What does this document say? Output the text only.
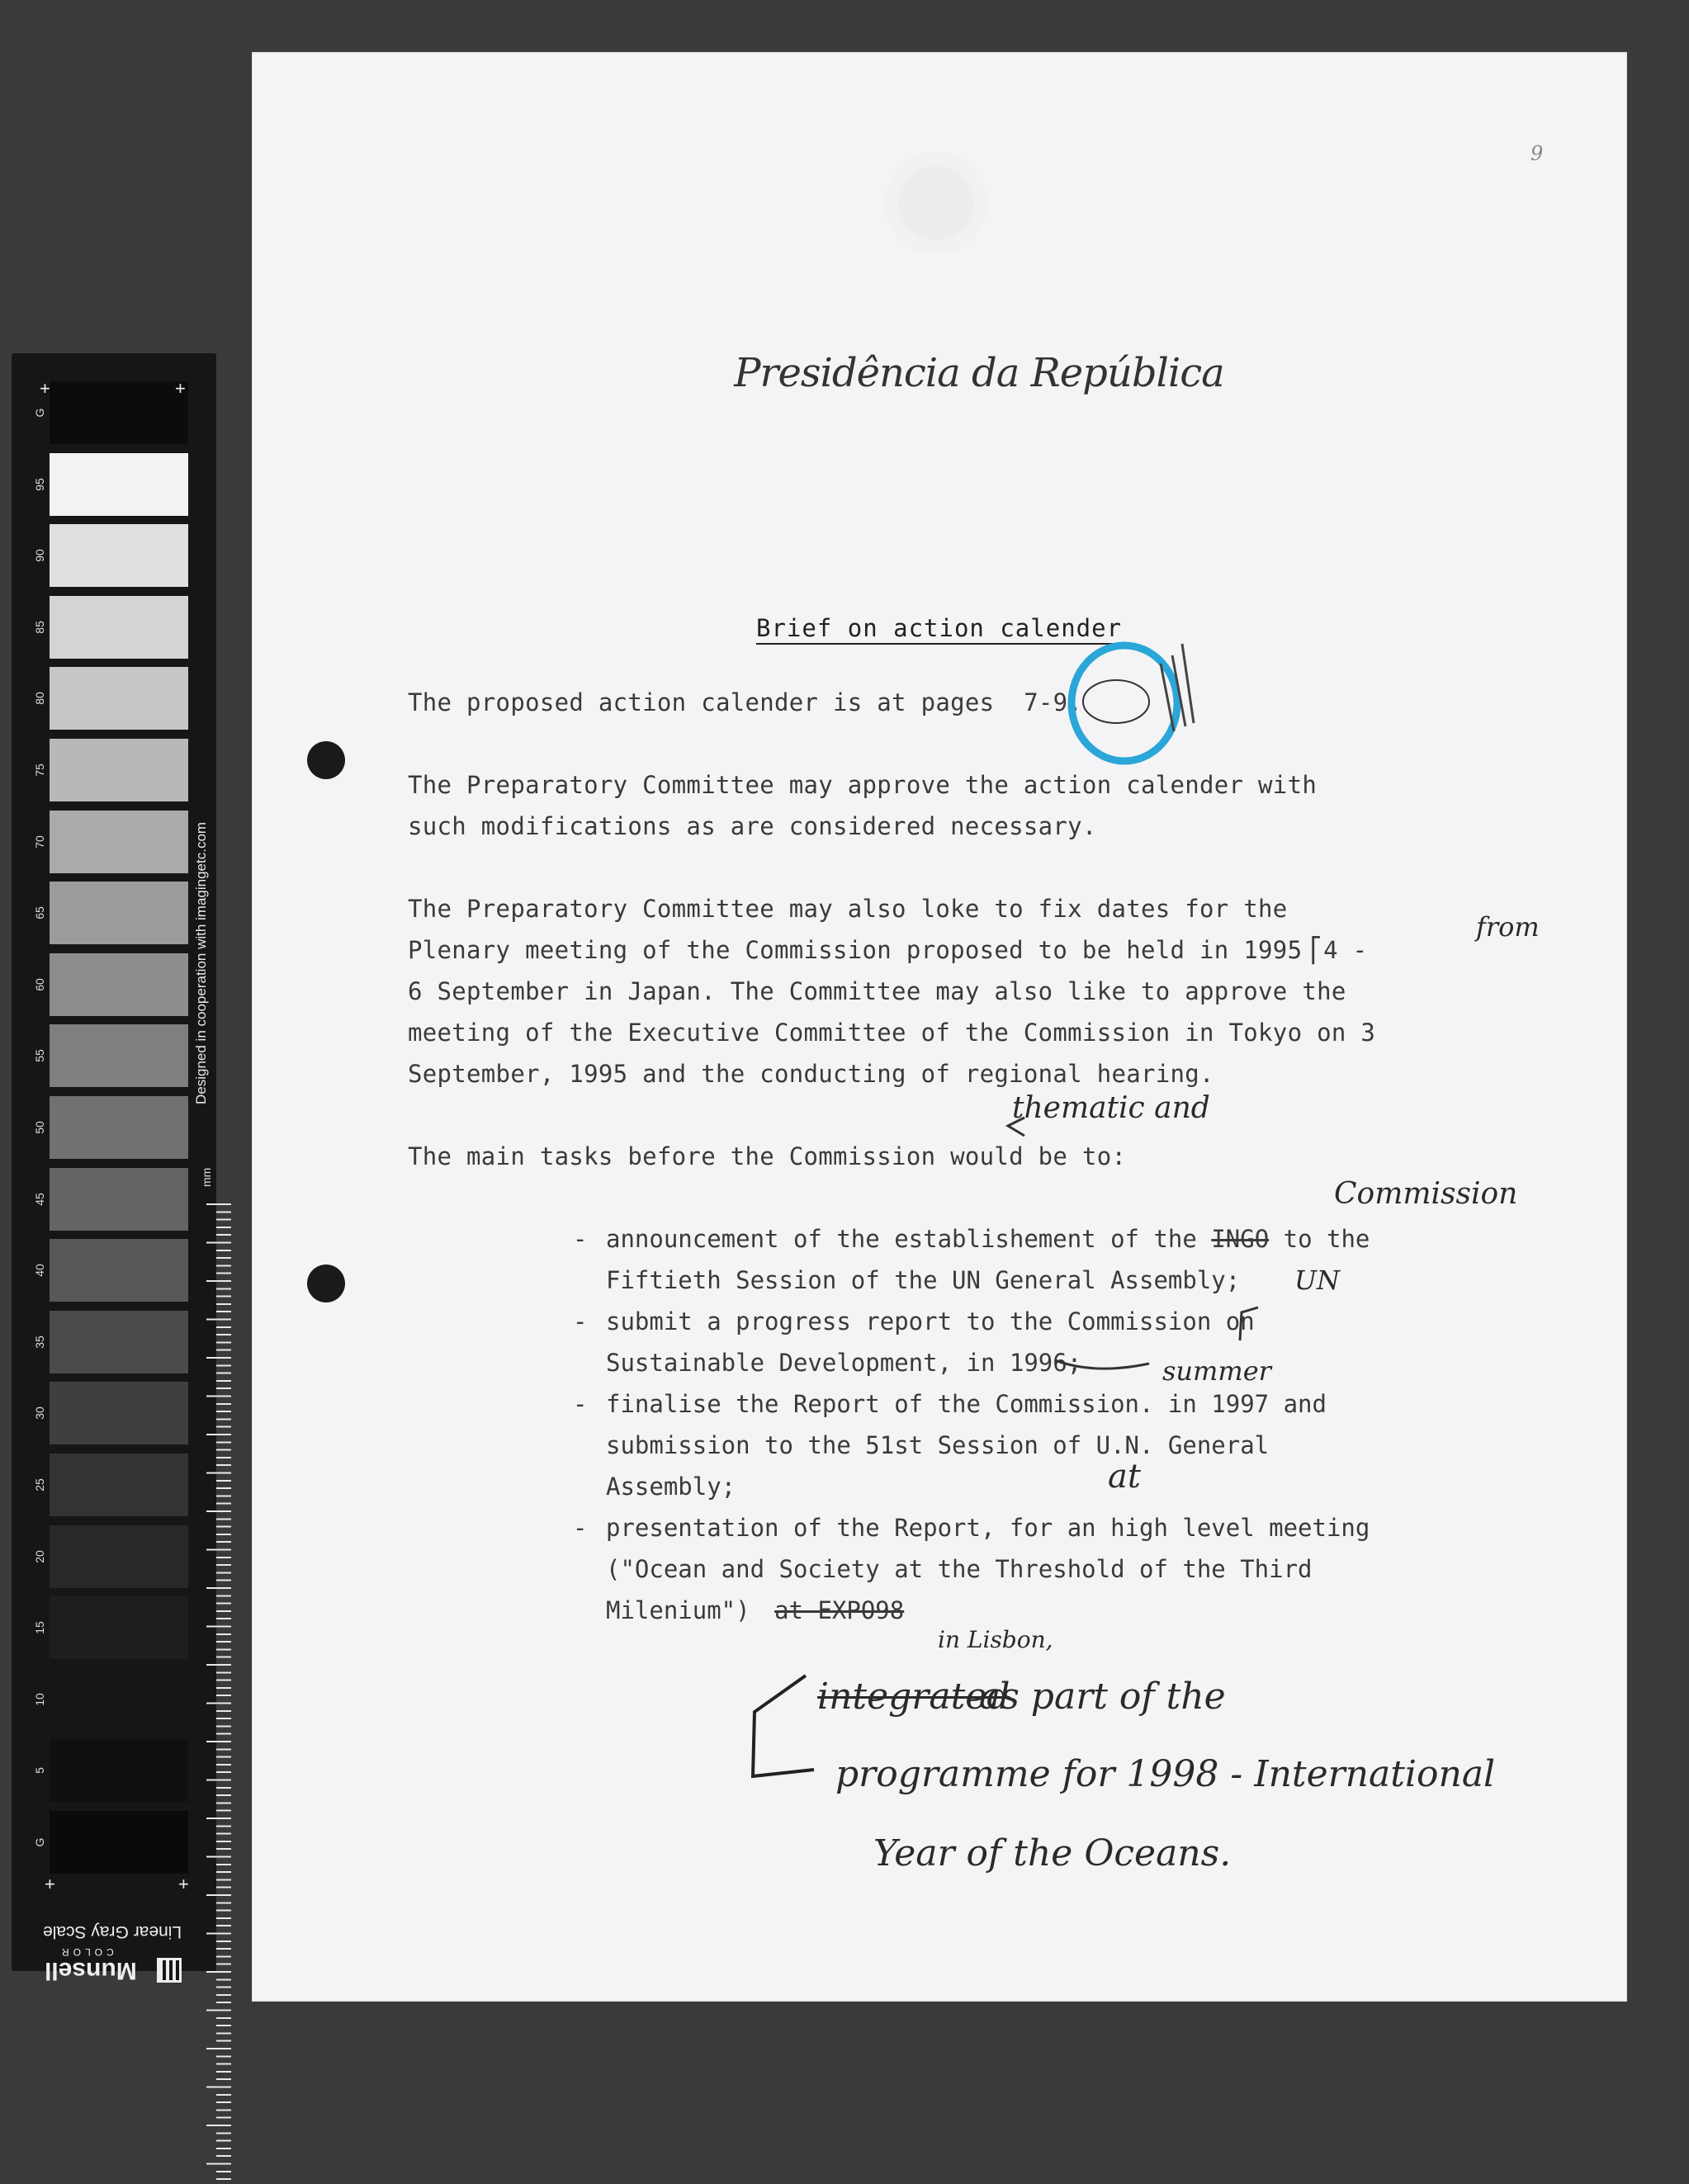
G
95
90
85
80
75
70
65
60
55
50
45
40
35
30
25
20
15
10
5
G
Designed in cooperation with imagingetc.com
mm
+	+
+	+
Linear Gray Scale
Munsell
COLOR
9
Presidência da República
Brief on action calender
The proposed action calender is at pages 7-9.
The Preparatory Committee may approve the action calender with
such modifications as are considered necessary.
The Preparatory Committee may also loke to fix dates for the
Plenary meeting of the Commission proposed to be held in 1995 ⎡4 -
6 September in Japan. The Committee may also like to approve the
meeting of the Executive Committee of the Commission in Tokyo on 3
September, 1995 and the conducting of regional hearing.
The main tasks before the Commission would be to:
- announcement of the establishement of the INGO to the
Fiftieth Session of the UN General Assembly;
- submit a progress report to the Commission on
Sustainable Development, in 1996;
- finalise the Report of the Commission. in 1997 and
submission to the 51st Session of U.N. General
Assembly;
- presentation of the Report, for an high level meeting
("Ocean and Society at the Threshold of the Third
Milenium") at EXPO98
from
thematic and
Commission
UN
summer
at
in Lisbon,
integrated
as part of the
programme for 1998 - International
Year of the Oceans.
